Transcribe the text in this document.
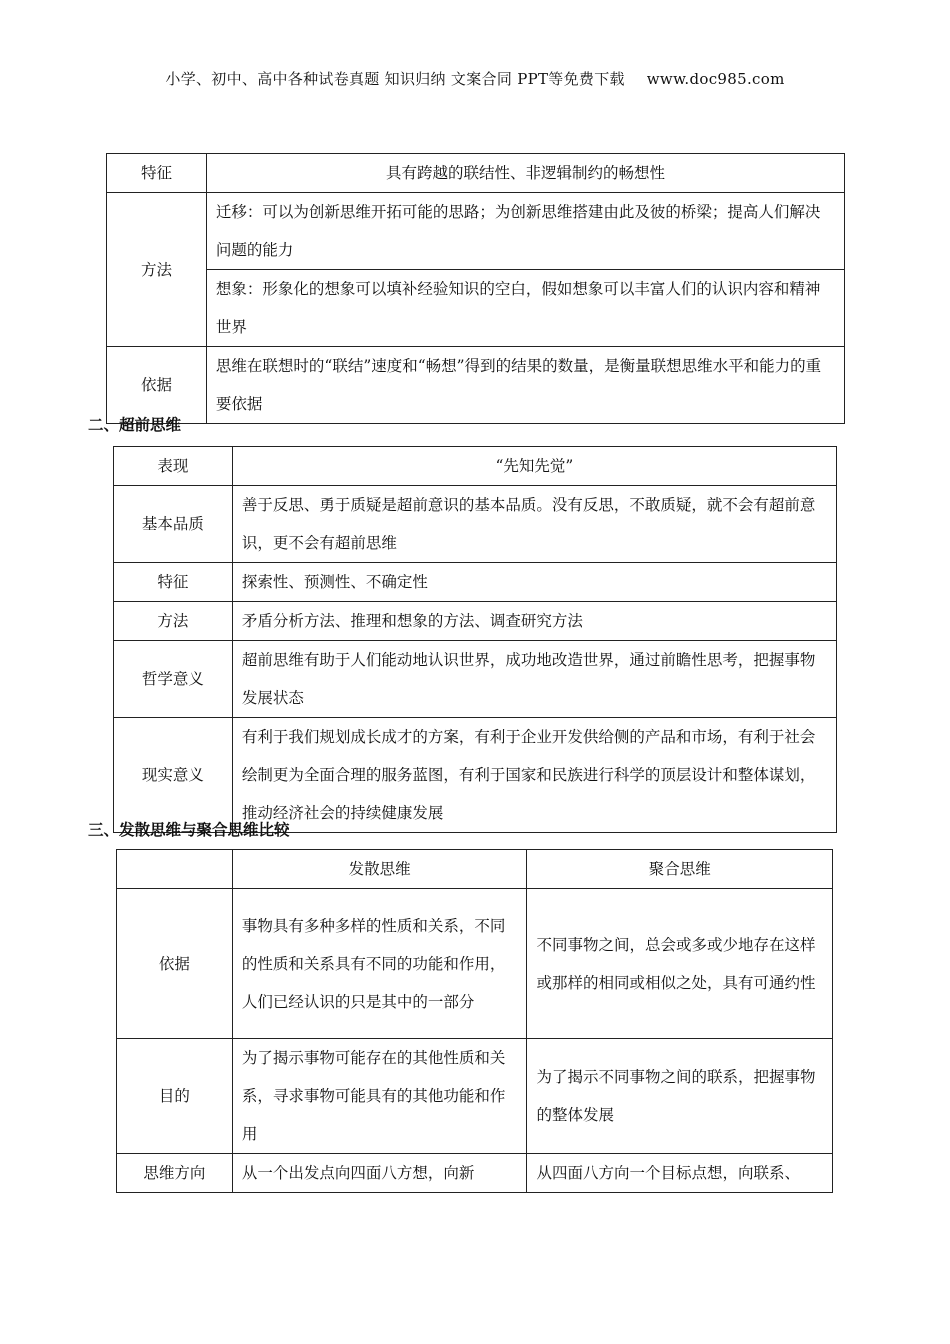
小学、初中、高中各种试卷真题 知识归纳 文案合同 PPT等免费下载 www.doc985.com
特征	具有跨越的联结性、非逻辑制约的畅想性
方法	迁移：可以为创新思维开拓可能的思路；为创新思维搭建由此及彼的桥梁；提高人们解决问题的能力
	想象：形象化的想象可以填补经验知识的空白，假如想象可以丰富人们的认识内容和精神世界
依据	思维在联想时的“联结”速度和“畅想”得到的结果的数量，是衡量联想思维水平和能力的重要依据
二、超前思维
表现	“先知先觉”
基本品质	善于反思、勇于质疑是超前意识的基本品质。没有反思，不敢质疑，就不会有超前意识，更不会有超前思维
特征	探索性、预测性、不确定性
方法	矛盾分析方法、推理和想象的方法、调查研究方法
哲学意义	超前思维有助于人们能动地认识世界，成功地改造世界，通过前瞻性思考，把握事物发展状态
现实意义	有利于我们规划成长成才的方案，有利于企业开发供给侧的产品和市场，有利于社会绘制更为全面合理的服务蓝图，有利于国家和民族进行科学的顶层设计和整体谋划，推动经济社会的持续健康发展
三、发散思维与聚合思维比较
	发散思维	聚合思维
依据	事物具有多种多样的性质和关系，不同的性质和关系具有不同的功能和作用，人们已经认识的只是其中的一部分	不同事物之间，总会或多或少地存在这样或那样的相同或相似之处，具有可通约性
目的	为了揭示事物可能存在的其他性质和关系，寻求事物可能具有的其他功能和作用	为了揭示不同事物之间的联系，把握事物的整体发展
思维方向	从一个出发点向四面八方想，向新	从四面八方向一个目标点想，向联系、
